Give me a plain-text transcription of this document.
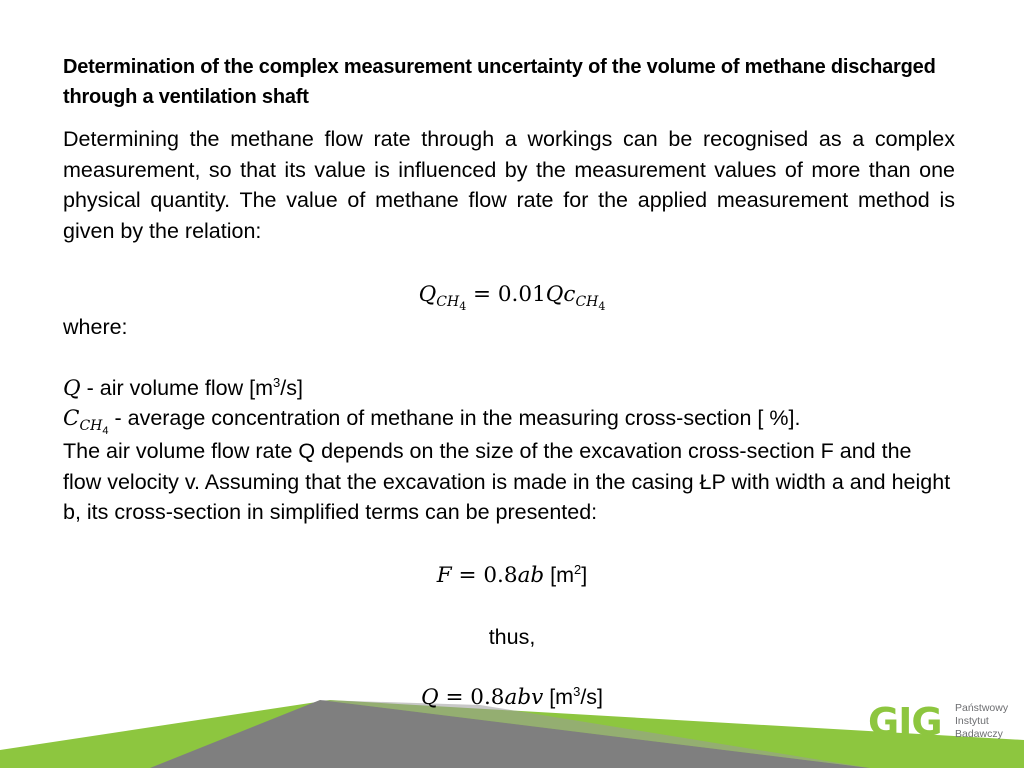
Determination of the complex measurement uncertainty of the volume of methane discharged through a ventilation shaft
Determining the methane flow rate through a workings can be recognised as a complex measurement, so that its value is influenced by the measurement values of more than one physical quantity. The value of methane flow rate for the applied measurement method is given by the relation:
$Q_{CH_4} = 0.01Qc_{CH_4}$
where:
Q - air volume flow $[m^3/s]$
$C_{CH_4}$ - average concentration of methane in the measuring cross-section [ %].
The air volume flow rate Q depends on the size of the excavation cross-section F and the flow velocity v. Assuming that the excavation is made in the casing ŁP with width a and height b, its cross-section in simplified terms can be presented:
F = 0.8ab $[m^2]$
thus,
Q = 0.8abv $[m^3/s]$
GIG Państwowy
Instytut
Badawczy
